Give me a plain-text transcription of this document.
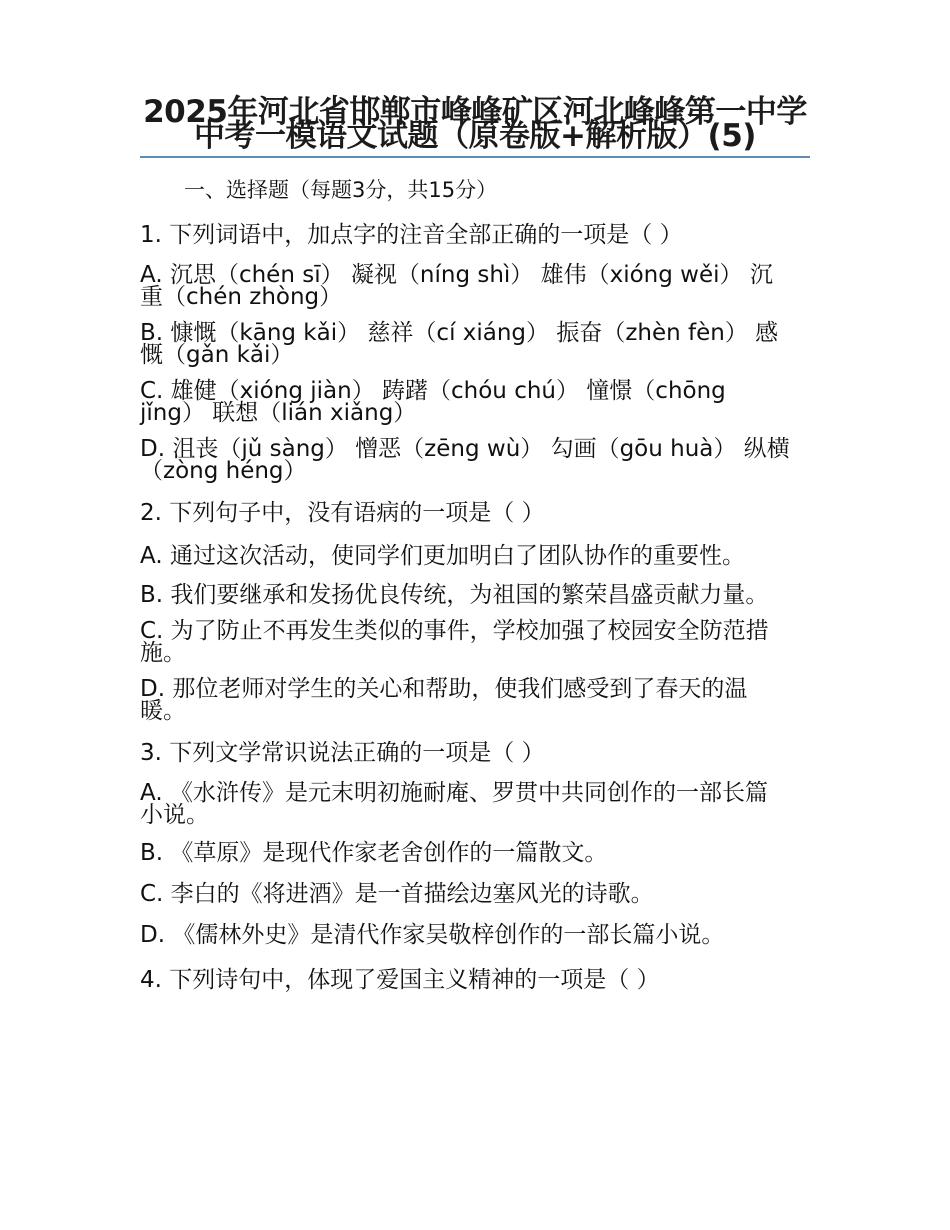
2025年河北省邯郸市峰峰矿区河北峰峰第一中学中考一模语文试题（原卷版+解析版）(5)

一、选择题（每题3分，共15分）

1. 下列词语中，加点字的注音全部正确的一项是（ ）

A. 沉思（chén sī） 凝视（níng shì） 雄伟（xióng wěi） 沉重（chén zhòng）

B. 慷慨（kāng kǎi） 慈祥（cí xiáng） 振奋（zhèn fèn） 感慨（gǎn kǎi）

C. 雄健（xióng jiàn） 踌躇（chóu chú） 憧憬（chōng jǐng） 联想（lián xiǎng）

D. 沮丧（jǔ sàng） 憎恶（zēng wù） 勾画（gōu huà） 纵横（zòng héng）

2. 下列句子中，没有语病的一项是（ ）

A. 通过这次活动，使同学们更加明白了团队协作的重要性。

B. 我们要继承和发扬优良传统，为祖国的繁荣昌盛贡献力量。

C. 为了防止不再发生类似的事件，学校加强了校园安全防范措施。

D. 那位老师对学生的关心和帮助，使我们感受到了春天的温暖。

3. 下列文学常识说法正确的一项是（ ）

A. 《水浒传》是元末明初施耐庵、罗贯中共同创作的一部长篇小说。

B. 《草原》是现代作家老舍创作的一篇散文。

C. 李白的《将进酒》是一首描绘边塞风光的诗歌。

D. 《儒林外史》是清代作家吴敬梓创作的一部长篇小说。

4. 下列诗句中，体现了爱国主义精神的一项是（ ）
